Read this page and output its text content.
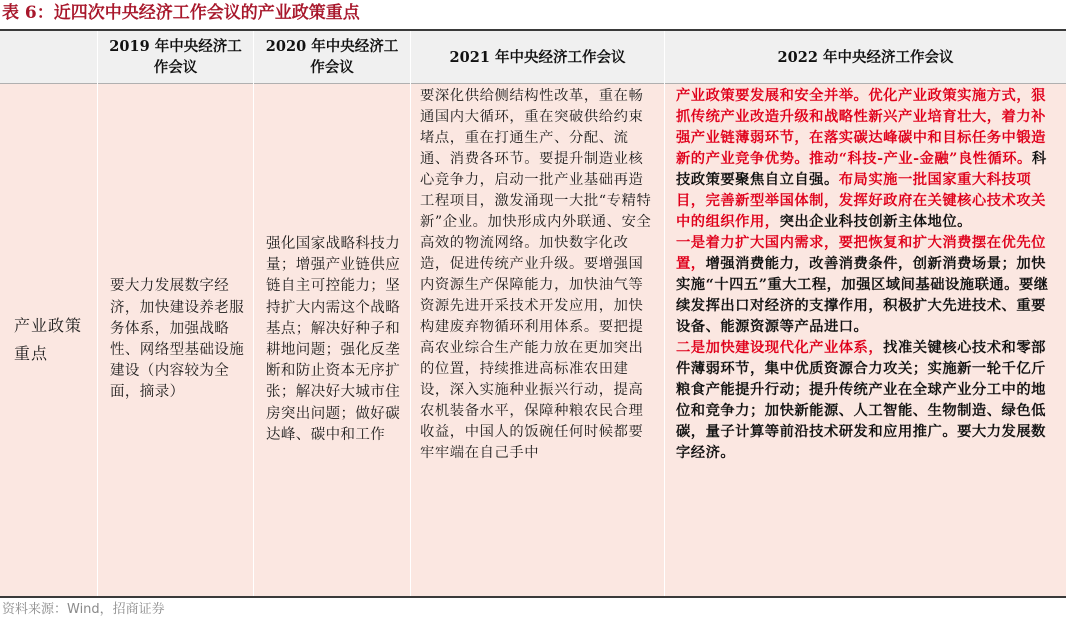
表 6：近四次中央经济工作会议的产业政策重点
2019 年中央经济工作会议
2020 年中央经济工作会议
2021 年中央经济工作会议	2022 年中央经济工作会议
产业政策重点
要大力发展数字经济，加快建设养老服务体系，加强战略性、网络型基础设施建设（内容较为全面，摘录）
强化国家战略科技力量；增强产业链供应链自主可控能力；坚持扩大内需这个战略基点；解决好种子和耕地问题；强化反垄断和防止资本无序扩张；解决好大城市住房突出问题；做好碳达峰、碳中和工作
要深化供给侧结构性改革，重在畅通国内大循环，重在突破供给约束堵点，重在打通生产、分配、流通、消费各环节。要提升制造业核心竞争力，启动一批产业基础再造工程项目，激发涌现一大批“专精特新”企业。加快形成内外联通、安全高效的物流网络。加快数字化改造，促进传统产业升级。要增强国内资源生产保障能力，加快油气等资源先进开采技术开发应用，加快构建废弃物循环利用体系。要把提高农业综合生产能力放在更加突出的位置，持续推进高标准农田建设，深入实施种业振兴行动，提高农机装备水平，保障种粮农民合理收益，中国人的饭碗任何时候都要牢牢端在自己手中
产业政策要发展和安全并举。优化产业政策实施方式，狠抓传统产业改造升级和战略性新兴产业培育壮大，着力补强产业链薄弱环节，在落实碳达峰碳中和目标任务中锻造新的产业竞争优势。推动“科技-产业-金融”良性循环。科技政策要聚焦自立自强。布局实施一批国家重大科技项目，完善新型举国体制，发挥好政府在关键核心技术攻关中的组织作用，突出企业科技创新主体地位。
一是着力扩大国内需求，要把恢复和扩大消费摆在优先位置，增强消费能力，改善消费条件，创新消费场景；加快实施“十四五”重大工程，加强区域间基础设施联通。要继续发挥出口对经济的支撑作用，积极扩大先进技术、重要设备、能源资源等产品进口。
二是加快建设现代化产业体系，找准关键核心技术和零部件薄弱环节，集中优质资源合力攻关；实施新一轮千亿斤粮食产能提升行动；提升传统产业在全球产业分工中的地位和竞争力；加快新能源、人工智能、生物制造、绿色低碳，量子计算等前沿技术研发和应用推广。要大力发展数字经济。
资料来源：Wind，招商证券
